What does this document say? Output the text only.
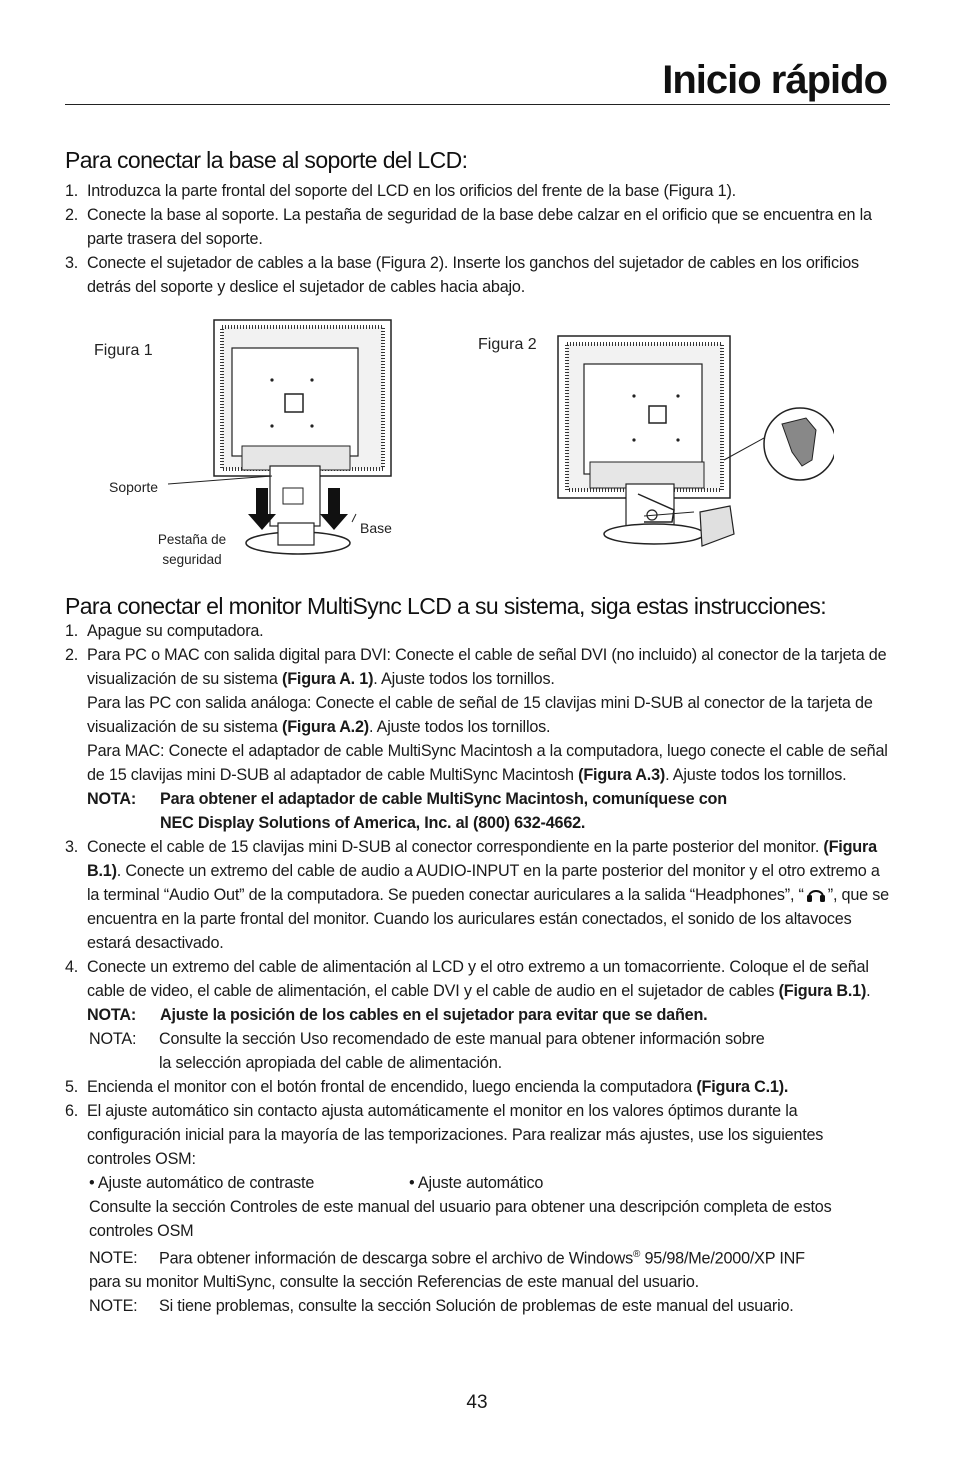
Inicio rápido
Para conectar la base al soporte del LCD:
1. Introduzca la parte frontal del soporte del LCD en los orificios del frente de la base (Figura 1).
2. Conecte la base al soporte. La pestaña de seguridad de la base debe calzar en el orificio que se encuentra en la parte trasera del soporte.
3. Conecte el sujetador de cables a la base (Figura 2). Inserte los ganchos del sujetador de cables en los orificios detrás del soporte y deslice el sujetador de cables hacia abajo.
Figura 1	Figura 2
Soporte
Base
Pestaña de
seguridad
Para conectar el monitor MultiSync LCD a su sistema, siga estas instrucciones:
1. Apague su computadora.
2. Para PC o MAC con salida digital para DVI: Conecte el cable de señal DVI (no incluido) al conector de la tarjeta de visualización de su sistema (Figura A. 1). Ajuste todos los tornillos.
Para las PC con salida análoga: Conecte el cable de señal de 15 clavijas mini D-SUB al conector de la tarjeta de visualización de su sistema (Figura A.2). Ajuste todos los tornillos.
Para MAC: Conecte el adaptador de cable MultiSync Macintosh a la computadora, luego conecte el cable de señal de 15 clavijas mini D-SUB al adaptador de cable MultiSync Macintosh (Figura A.3). Ajuste todos los tornillos.
NOTA: Para obtener el adaptador de cable MultiSync Macintosh, comuníquese con
NEC Display Solutions of America, Inc. al (800) 632-4662.
3. Conecte el cable de 15 clavijas mini D-SUB al conector correspondiente en la parte posterior del monitor. (Figura B.1). Conecte un extremo del cable de audio a AUDIO-INPUT en la parte posterior del monitor y el otro extremo a la terminal “Audio Out” de la computadora. Se pueden conectar auriculares a la salida “Headphones”, “ ”, que se encuentra en la parte frontal del monitor. Cuando los auriculares están conectados, el sonido de los altavoces estará desactivado.
4. Conecte un extremo del cable de alimentación al LCD y el otro extremo a un tomacorriente. Coloque el de señal cable de video, el cable de alimentación, el cable DVI y el cable de audio en el sujetador de cables (Figura B.1).
NOTA: Ajuste la posición de los cables en el sujetador para evitar que se dañen.
NOTA: Consulte la sección Uso recomendado de este manual para obtener información sobre
la selección apropiada del cable de alimentación.
5. Encienda el monitor con el botón frontal de encendido, luego encienda la computadora (Figura C.1).
6. El ajuste automático sin contacto ajusta automáticamente el monitor en los valores óptimos durante la configuración inicial para la mayoría de las temporizaciones. Para realizar más ajustes, use los siguientes controles OSM:
• Ajuste automático de contraste	• Ajuste automático
Consulte la sección Controles de este manual del usuario para obtener una descripción completa de estos controles OSM
NOTE: Para obtener información de descarga sobre el archivo de Windows® 95/98/Me/2000/XP INF
para su monitor MultiSync, consulte la sección Referencias de este manual del usuario.
NOTE: Si tiene problemas, consulte la sección Solución de problemas de este manual del usuario.
43
